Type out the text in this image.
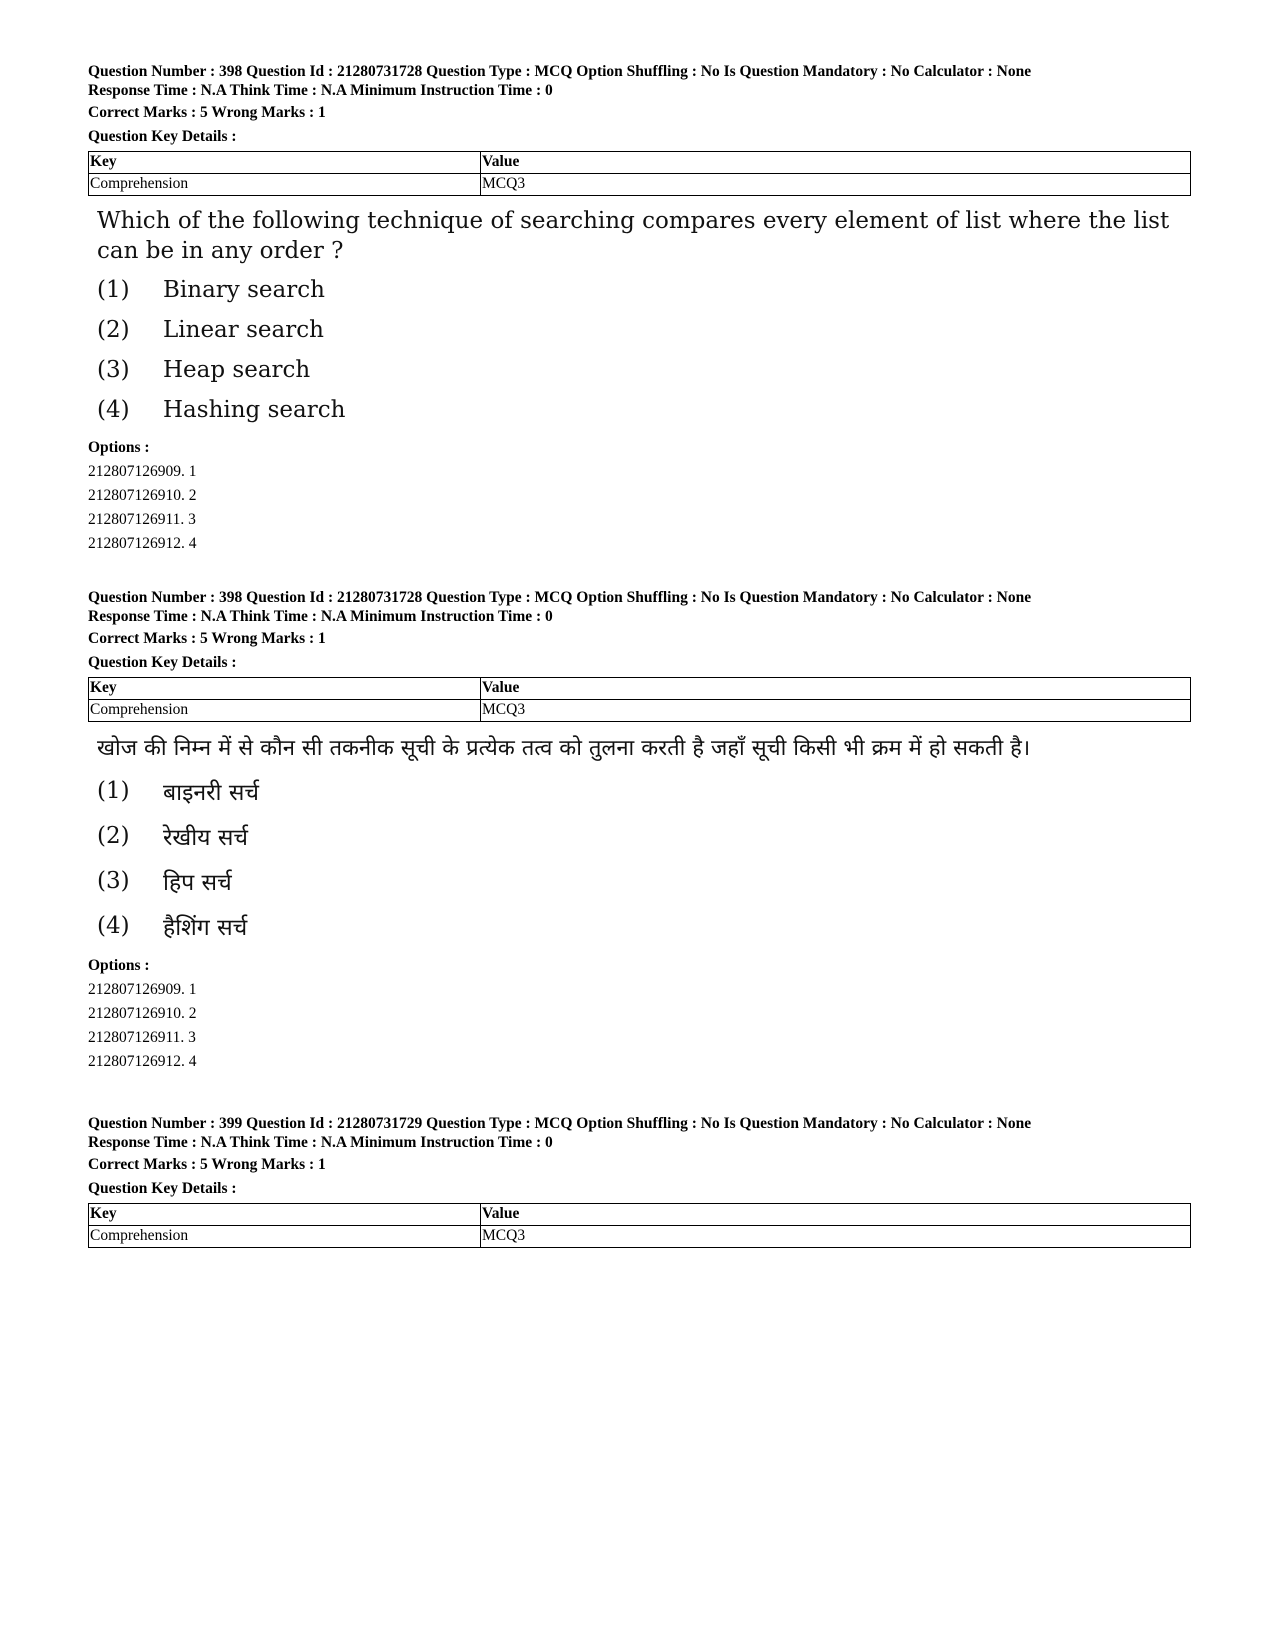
Question Number : 398 Question Id : 21280731728 Question Type : MCQ Option Shuffling : No Is Question Mandatory : No Calculator : None
Response Time : N.A Think Time : N.A Minimum Instruction Time : 0
Correct Marks : 5 Wrong Marks : 1
Question Key Details :
Key	Value
Comprehension	MCQ3
Which of the following technique of searching compares every element of list where the list can be in any order ?
(1)	Binary search
(2)	Linear search
(3)	Heap search
(4)	Hashing search
Options :
212807126909. 1
212807126910. 2
212807126911. 3
212807126912. 4
Question Number : 398 Question Id : 21280731728 Question Type : MCQ Option Shuffling : No Is Question Mandatory : No Calculator : None
Response Time : N.A Think Time : N.A Minimum Instruction Time : 0
Correct Marks : 5 Wrong Marks : 1
Question Key Details :
Key	Value
Comprehension	MCQ3
खोज की निम्न में से कौन सी तकनीक सूची के प्रत्येक तत्व को तुलना करती है जहाँ सूची किसी भी क्रम में हो सकती है।
(1)	बाइनरी सर्च
(2)	रेखीय सर्च
(3)	हिप सर्च
(4)	हैशिंग सर्च
Options :
212807126909. 1
212807126910. 2
212807126911. 3
212807126912. 4
Question Number : 399 Question Id : 21280731729 Question Type : MCQ Option Shuffling : No Is Question Mandatory : No Calculator : None
Response Time : N.A Think Time : N.A Minimum Instruction Time : 0
Correct Marks : 5 Wrong Marks : 1
Question Key Details :
Key	Value
Comprehension	MCQ3
